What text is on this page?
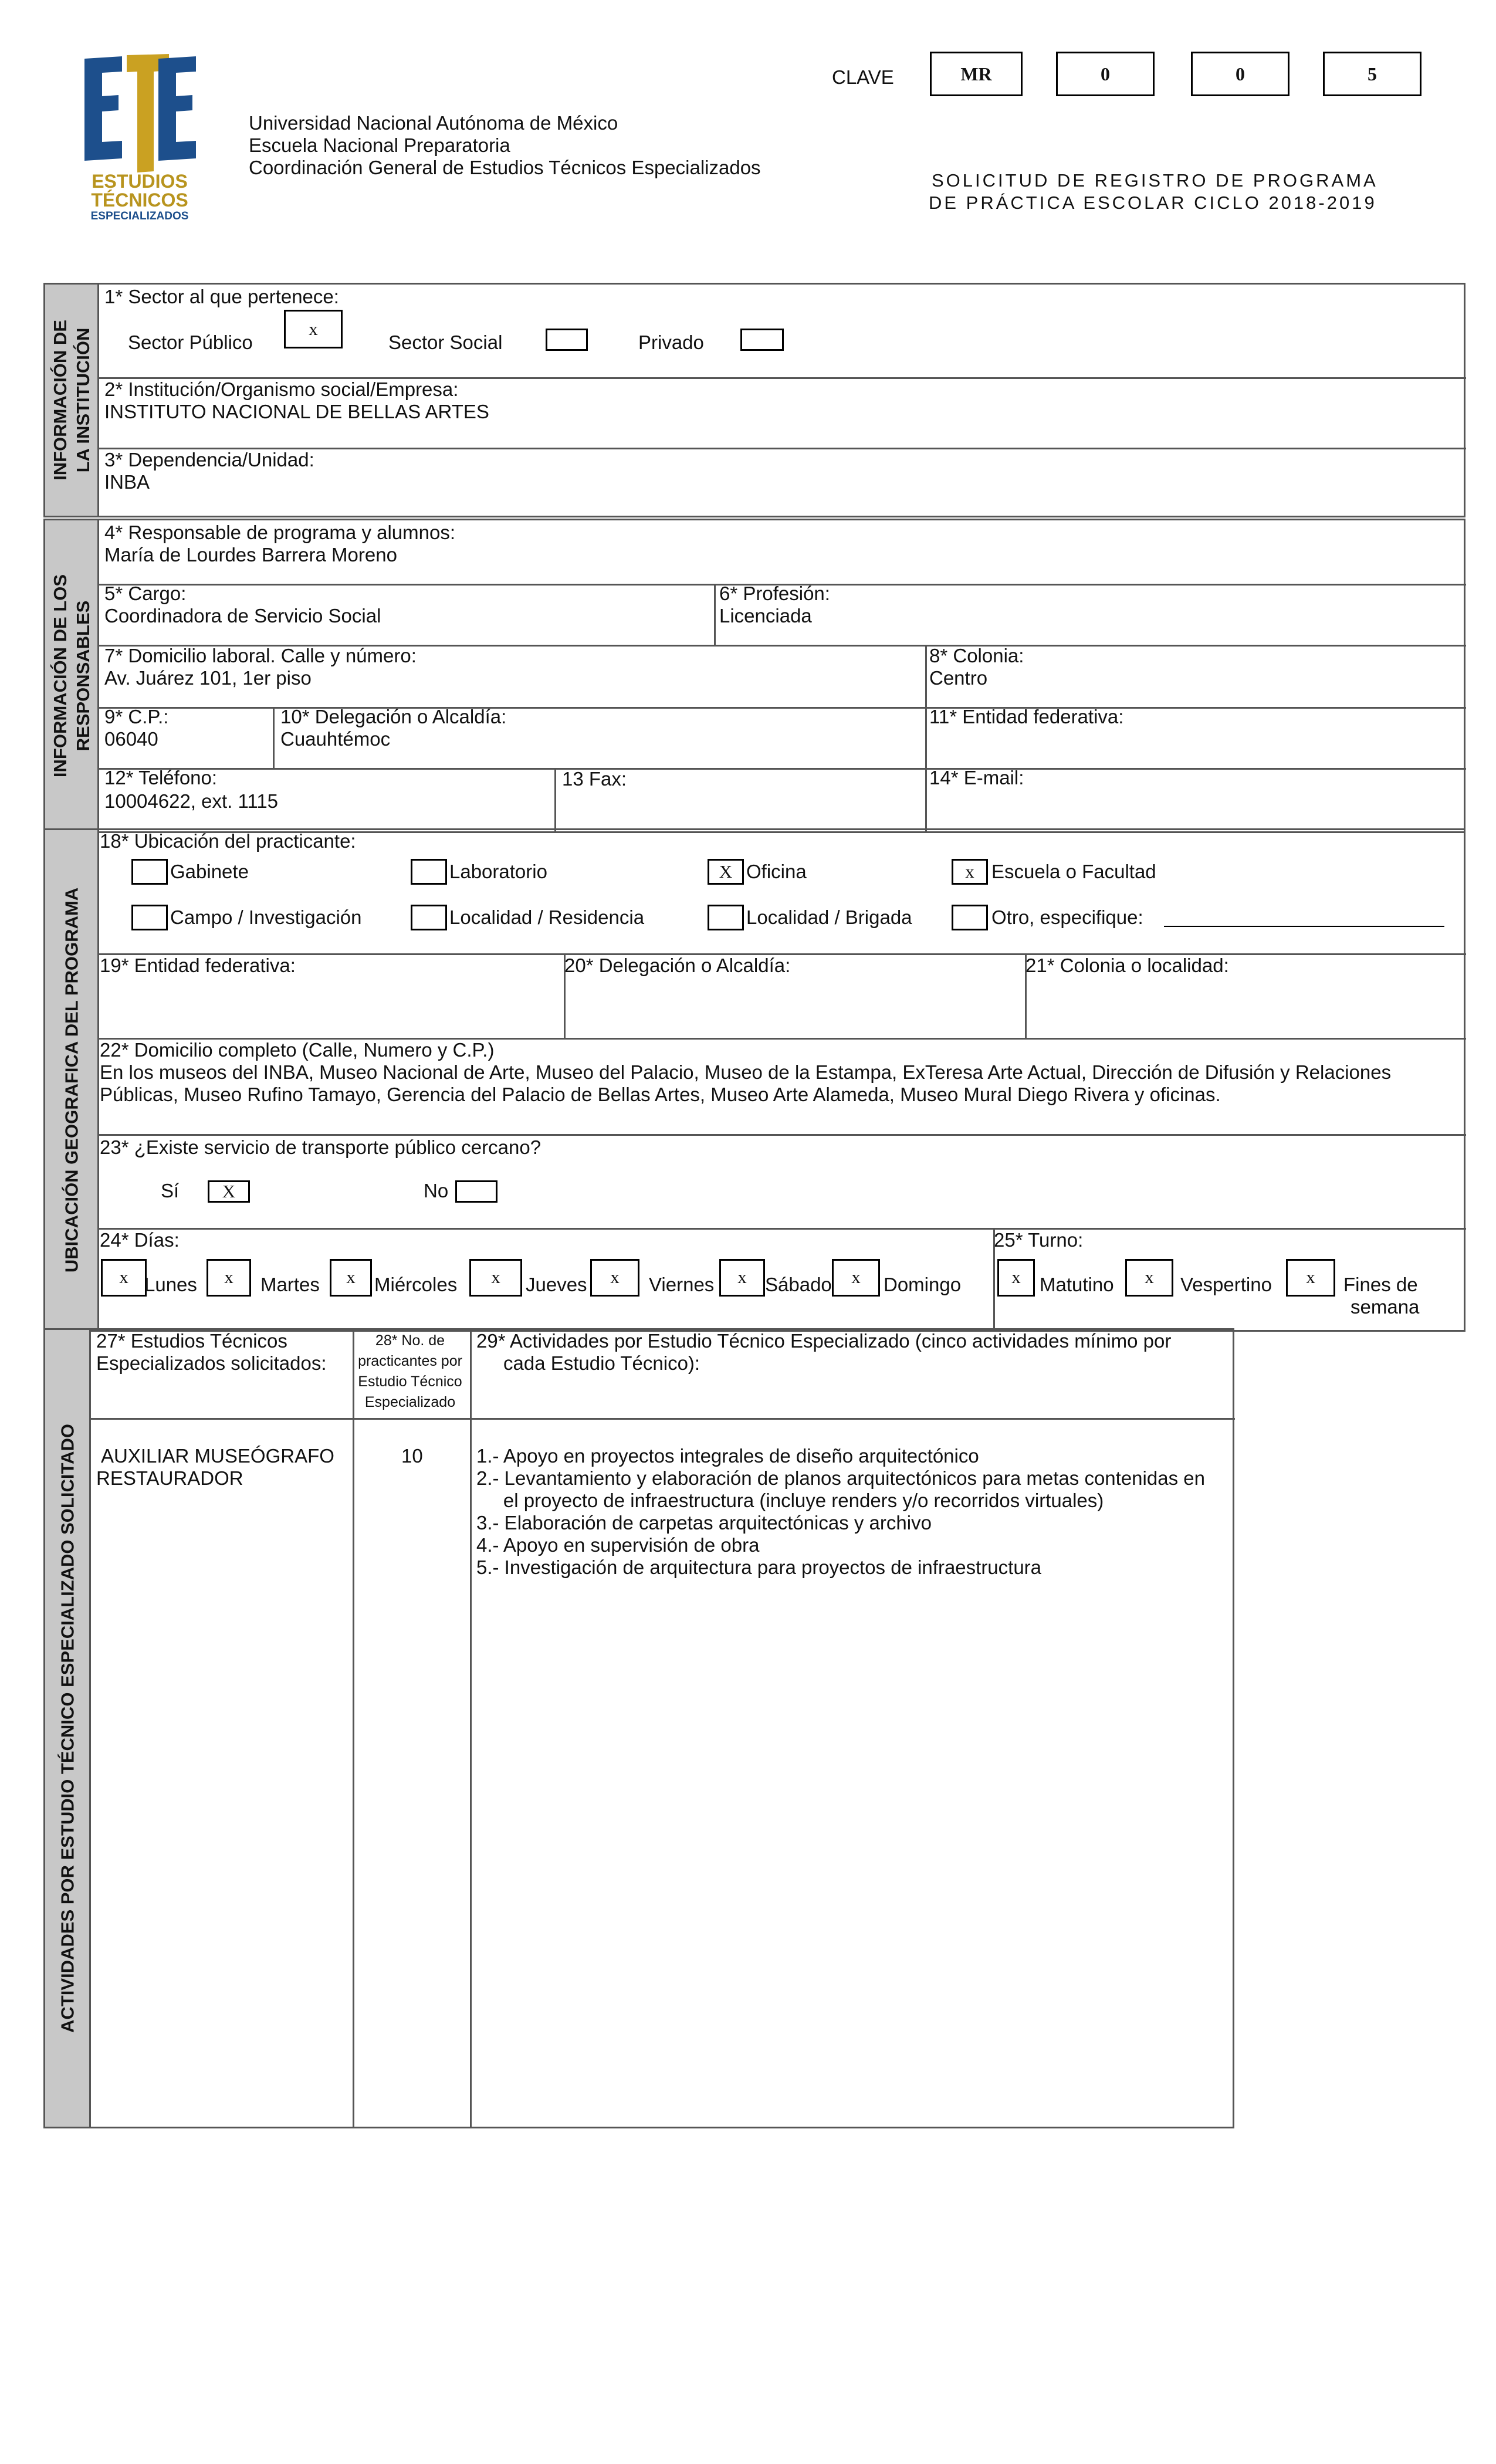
ESTUDIOS
TÉCNICOS
ESPECIALIZADOS
Universidad Nacional Autónoma de México
Escuela Nacional Preparatoria
Coordinación General de Estudios Técnicos Especializados
CLAVE	MR	0	0	5
SOLICITUD DE REGISTRO DE PROGRAMA
DE PRÁCTICA ESCOLAR CICLO 2018-2019
INFORMACIÓN DE
LA INSTITUCIÓN
1* Sector al que pertenece:
Sector Público
x
Sector Social	Privado
2* Institución/Organismo social/Empresa:
INSTITUTO NACIONAL DE BELLAS ARTES
3* Dependencia/Unidad:
INBA
INFORMACIÓN DE LOS
RESPONSABLES
4* Responsable de programa y alumnos:
María de Lourdes Barrera Moreno
5* Cargo:
Coordinadora de Servicio Social
6* Profesión:
Licenciada
7* Domicilio laboral. Calle y número:
Av. Juárez 101, 1er piso
8* Colonia:
Centro
9* C.P.:
06040
10* Delegación o Alcaldía:
Cuauhtémoc
11* Entidad federativa:
12* Teléfono:
10004622, ext. 1115
13 Fax:	14* E-mail:
UBICACIÓN GEOGRAFICA DEL PROGRAMA
18* Ubicación del practicante:
Gabinete	Laboratorio	X Oficina	x Escuela o Facultad
Campo / Investigación	Localidad / Residencia	Localidad / Brigada	Otro, especifique:
19* Entidad federativa:	20* Delegación o Alcaldía:	21* Colonia o localidad:
22* Domicilio completo (Calle, Numero y C.P.)
En los museos del INBA, Museo Nacional de Arte, Museo del Palacio, Museo de la Estampa, ExTeresa Arte Actual, Dirección de Difusión y Relaciones
Públicas, Museo Rufino Tamayo, Gerencia del Palacio de Bellas Artes, Museo Arte Alameda, Museo Mural Diego Rivera y oficinas.
23* ¿Existe servicio de transporte público cercano?
Sí	X	No
24* Días:
x Lunes	x	Martes	x Miércoles	x	Jueves	x	Viernes	x Sábado	x	Domingo
25* Turno:
x Matutino	x	Vespertino	x	Fines de
semana
ACTIVIDADES POR ESTUDIO TÉCNICO ESPECIALIZADO SOLICITADO
27* Estudios Técnicos
Especializados solicitados:
28* No. de
practicantes por
Estudio Técnico
Especializado
29* Actividades por Estudio Técnico Especializado (cinco actividades mínimo por
cada Estudio Técnico):
AUXILIAR MUSEÓGRAFO
RESTAURADOR
10	1.- Apoyo en proyectos integrales de diseño arquitectónico
2.- Levantamiento y elaboración de planos arquitectónicos para metas contenidas en
el proyecto de infraestructura (incluye renders y/o recorridos virtuales)
3.- Elaboración de carpetas arquitectónicas y archivo
4.- Apoyo en supervisión de obra
5.- Investigación de arquitectura para proyectos de infraestructura
